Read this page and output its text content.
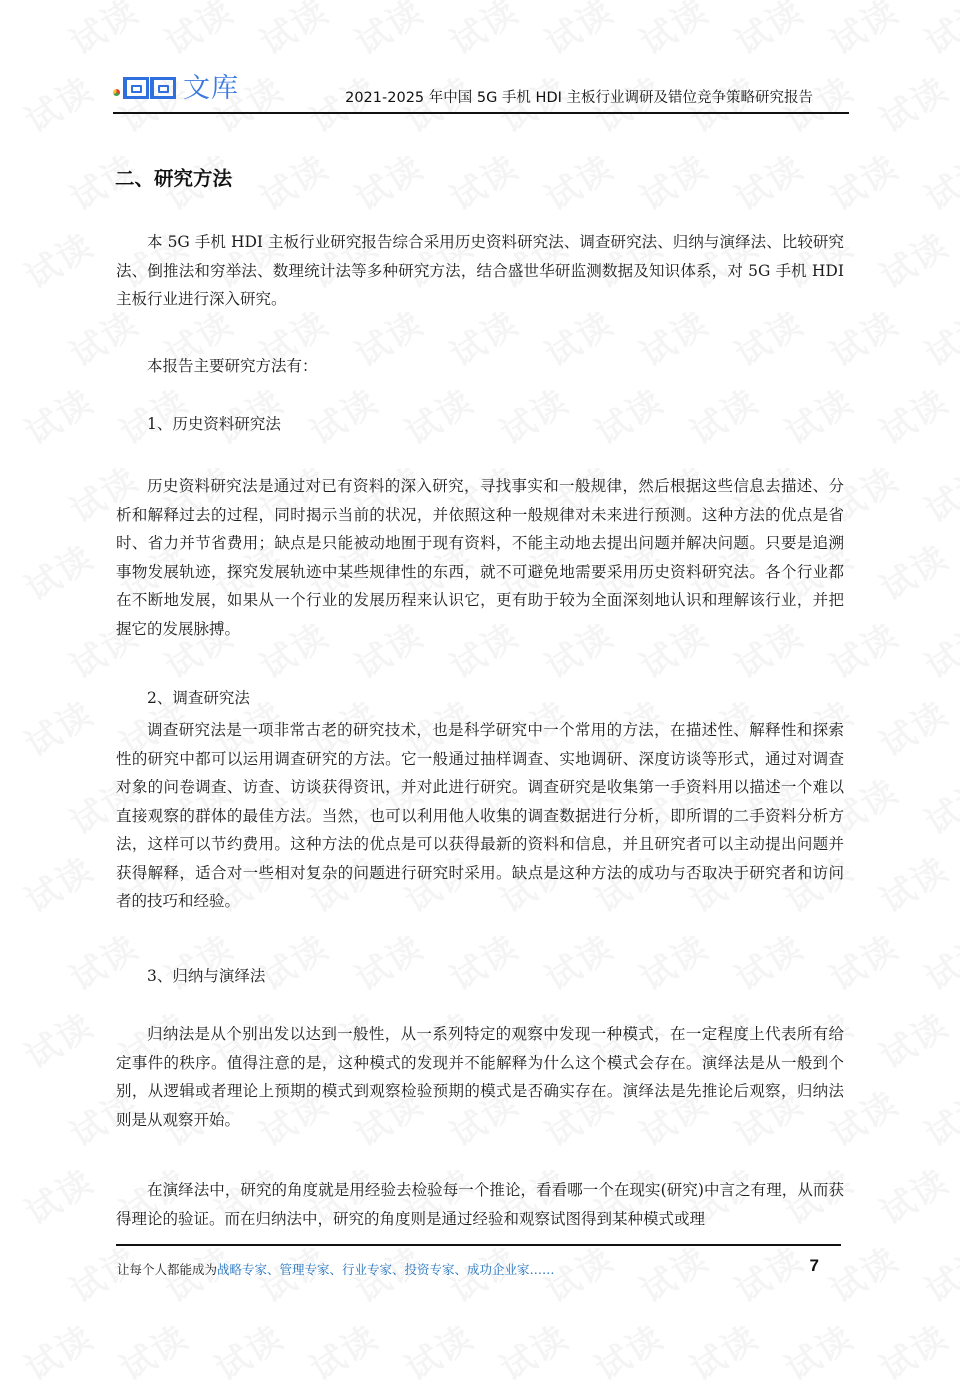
文库	2021-2025 年中国 5G 手机 HDI 主板行业调研及错位竞争策略研究报告
二、研究方法

本 5G 手机 HDI 主板行业研究报告综合采用历史资料研究法、调查研究法、归纳与演绎法、比较研究法、倒推法和穷举法、数理统计法等多种研究方法，结合盛世华研监测数据及知识体系，对 5G 手机 HDI 主板行业进行深入研究。

本报告主要研究方法有：

1、历史资料研究法

历史资料研究法是通过对已有资料的深入研究，寻找事实和一般规律，然后根据这些信息去描述、分析和解释过去的过程，同时揭示当前的状况，并依照这种一般规律对未来进行预测。这种方法的优点是省时、省力并节省费用；缺点是只能被动地囿于现有资料，不能主动地去提出问题并解决问题。只要是追溯事物发展轨迹，探究发展轨迹中某些规律性的东西，就不可避免地需要采用历史资料研究法。各个行业都在不断地发展，如果从一个行业的发展历程来认识它，更有助于较为全面深刻地认识和理解该行业，并把握它的发展脉搏。

2、调查研究法

调查研究法是一项非常古老的研究技术，也是科学研究中一个常用的方法，在描述性、解释性和探索性的研究中都可以运用调查研究的方法。它一般通过抽样调查、实地调研、深度访谈等形式，通过对调查对象的问卷调查、访查、访谈获得资讯，并对此进行研究。调查研究是收集第一手资料用以描述一个难以直接观察的群体的最佳方法。当然，也可以利用他人收集的调查数据进行分析，即所谓的二手资料分析方法，这样可以节约费用。这种方法的优点是可以获得最新的资料和信息，并且研究者可以主动提出问题并获得解释，适合对一些相对复杂的问题进行研究时采用。缺点是这种方法的成功与否取决于研究者和访问者的技巧和经验。

3、归纳与演绎法

归纳法是从个别出发以达到一般性，从一系列特定的观察中发现一种模式，在一定程度上代表所有给定事件的秩序。值得注意的是，这种模式的发现并不能解释为什么这个模式会存在。演绎法是从一般到个别，从逻辑或者理论上预期的模式到观察检验预期的模式是否确实存在。演绎法是先推论后观察，归纳法则是从观察开始。

在演绎法中，研究的角度就是用经验去检验每一个推论，看看哪一个在现实(研究)中言之有理，从而获得理论的验证。而在归纳法中，研究的角度则是通过经验和观察试图得到某种模式或理

让每个人都能成为战略专家、管理专家、行业专家、投资专家、成功企业家……	7
